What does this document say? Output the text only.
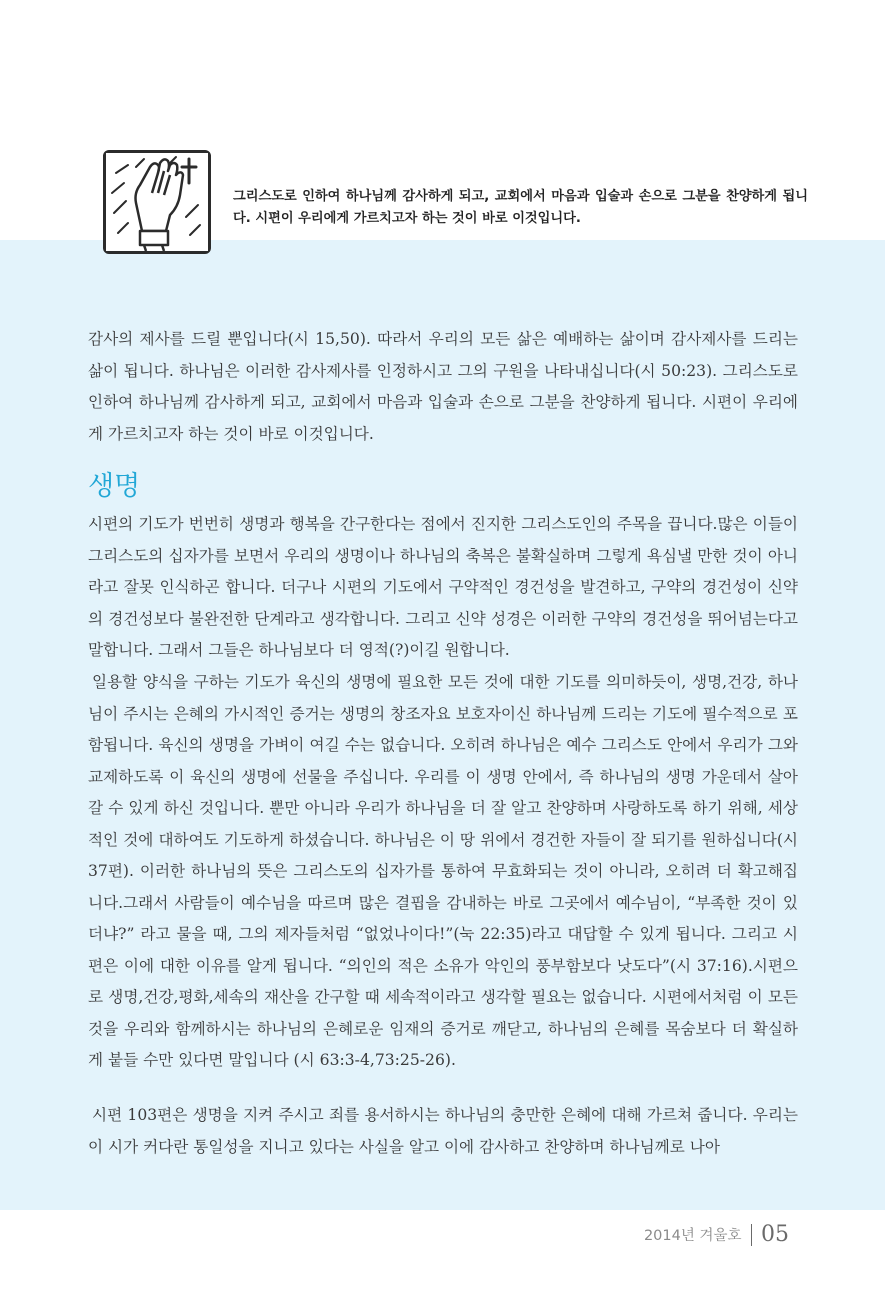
그리스도로 인하여 하나님께 감사하게 되고, 교회에서 마음과 입술과 손으로 그분을 찬양하게 됩니다. 시편이 우리에게 가르치고자 하는 것이 바로 이것입니다.

감사의 제사를 드릴 뿐입니다(시 15,50). 따라서 우리의 모든 삶은 예배하는 삶이며 감사제사를 드리는 삶이 됩니다. 하나님은 이러한 감사제사를 인정하시고 그의 구원을 나타내십니다(시 50:23). 그리스도로 인하여 하나님께 감사하게 되고, 교회에서 마음과 입술과 손으로 그분을 찬양하게 됩니다. 시편이 우리에게 가르치고자 하는 것이 바로 이것입니다.

생명

시편의 기도가 번번히 생명과 행복을 간구한다는 점에서 진지한 그리스도인의 주목을 끕니다.많은 이들이 그리스도의 십자가를 보면서 우리의 생명이나 하나님의 축복은 불확실하며 그렇게 욕심낼 만한 것이 아니라고 잘못 인식하곤 합니다. 더구나 시편의 기도에서 구약적인 경건성을 발견하고, 구약의 경건성이 신약의 경건성보다 불완전한 단계라고 생각합니다. 그리고 신약 성경은 이러한 구약의 경건성을 뛰어넘는다고 말합니다. 그래서 그들은 하나님보다 더 영적(?)이길 원합니다.

일용할 양식을 구하는 기도가 육신의 생명에 필요한 모든 것에 대한 기도를 의미하듯이, 생명,건강, 하나님이 주시는 은혜의 가시적인 증거는 생명의 창조자요 보호자이신 하나님께 드리는 기도에 필수적으로 포함됩니다. 육신의 생명을 가벼이 여길 수는 없습니다. 오히려 하나님은 예수 그리스도 안에서 우리가 그와 교제하도록 이 육신의 생명에 선물을 주십니다. 우리를 이 생명 안에서, 즉 하나님의 생명 가운데서 살아갈 수 있게 하신 것입니다. 뿐만 아니라 우리가 하나님을 더 잘 알고 찬양하며 사랑하도록 하기 위해, 세상적인 것에 대하여도 기도하게 하셨습니다. 하나님은 이 땅 위에서 경건한 자들이 잘 되기를 원하십니다(시37편). 이러한 하나님의 뜻은 그리스도의 십자가를 통하여 무효화되는 것이 아니라, 오히려 더 확고해집니다.그래서 사람들이 예수님을 따르며 많은 결핍을 감내하는 바로 그곳에서 예수님이, “부족한 것이 있더냐?” 라고 물을 때, 그의 제자들처럼 “없었나이다!”(눅 22:35)라고 대답할 수 있게 됩니다. 그리고 시편은 이에 대한 이유를 알게 됩니다. “의인의 적은 소유가 악인의 풍부함보다 낫도다”(시 37:16).시편으로 생명,건강,평화,세속의 재산을 간구할 때 세속적이라고 생각할 필요는 없습니다. 시편에서처럼 이 모든 것을 우리와 함께하시는 하나님의 은혜로운 임재의 증거로 깨닫고, 하나님의 은혜를 목숨보다 더 확실하게 붙들 수만 있다면 말입니다 (시 63:3-4,73:25-26).

시편 103편은 생명을 지켜 주시고 죄를 용서하시는 하나님의 충만한 은혜에 대해 가르쳐 줍니다. 우리는 이 시가 커다란 통일성을 지니고 있다는 사실을 알고 이에 감사하고 찬양하며 하나님께로 나아

2014년 겨울호 05
